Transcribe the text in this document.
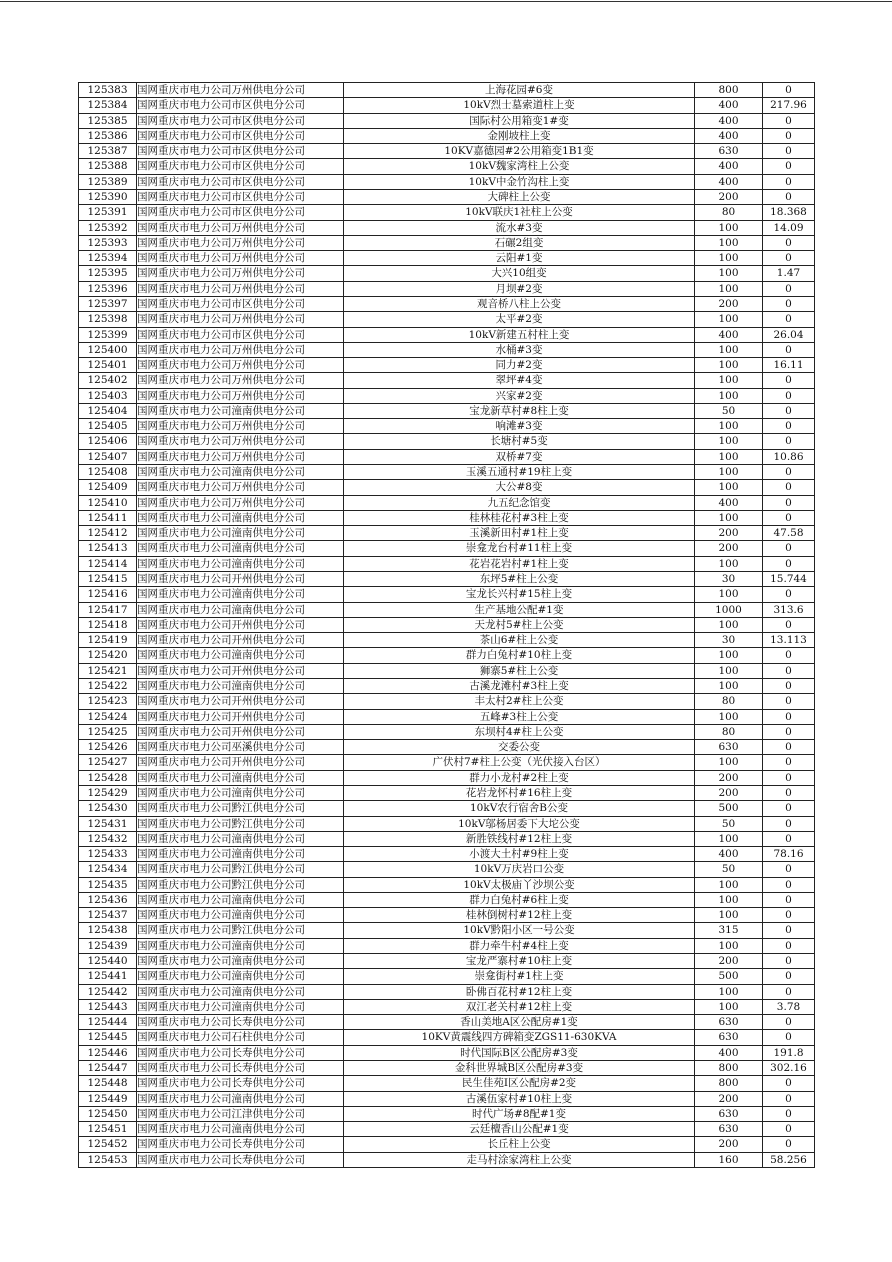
125383	国网重庆市电力公司万州供电分公司	上海花园#6变	800	0
125384	国网重庆市电力公司市区供电分公司	10kV烈士墓索道柱上变	400	217.96
125385	国网重庆市电力公司市区供电分公司	国际村公用箱变1#变	400	0
125386	国网重庆市电力公司市区供电分公司	金刚坡柱上变	400	0
125387	国网重庆市电力公司市区供电分公司	10KV嘉德园#2公用箱变1B1变	630	0
125388	国网重庆市电力公司市区供电分公司	10kV魏家湾柱上公变	400	0
125389	国网重庆市电力公司市区供电分公司	10kV中金竹沟柱上变	400	0
125390	国网重庆市电力公司市区供电分公司	大碑柱上公变	200	0
125391	国网重庆市电力公司市区供电分公司	10kV联庆1社柱上公变	80	18.368
125392	国网重庆市电力公司万州供电分公司	流水#3变	100	14.09
125393	国网重庆市电力公司万州供电分公司	石碾2组变	100	0
125394	国网重庆市电力公司万州供电分公司	云阳#1变	100	0
125395	国网重庆市电力公司万州供电分公司	大兴10组变	100	1.47
125396	国网重庆市电力公司万州供电分公司	月坝#2变	100	0
125397	国网重庆市电力公司市区供电分公司	观音桥八柱上公变	200	0
125398	国网重庆市电力公司万州供电分公司	太平#2变	100	0
125399	国网重庆市电力公司市区供电分公司	10kV新建五村柱上变	400	26.04
125400	国网重庆市电力公司万州供电分公司	水桶#3变	100	0
125401	国网重庆市电力公司万州供电分公司	同力#2变	100	16.11
125402	国网重庆市电力公司万州供电分公司	翠坪#4变	100	0
125403	国网重庆市电力公司万州供电分公司	兴家#2变	100	0
125404	国网重庆市电力公司潼南供电分公司	宝龙新草村#8柱上变	50	0
125405	国网重庆市电力公司万州供电分公司	响滩#3变	100	0
125406	国网重庆市电力公司万州供电分公司	长塘村#5变	100	0
125407	国网重庆市电力公司万州供电分公司	双桥#7变	100	10.86
125408	国网重庆市电力公司潼南供电分公司	玉溪五通村#19柱上变	100	0
125409	国网重庆市电力公司万州供电分公司	大公#8变	100	0
125410	国网重庆市电力公司万州供电分公司	九五纪念馆变	400	0
125411	国网重庆市电力公司潼南供电分公司	桂林桂花村#3柱上变	100	0
125412	国网重庆市电力公司潼南供电分公司	玉溪新田村#1柱上变	200	47.58
125413	国网重庆市电力公司潼南供电分公司	崇龛龙台村#11柱上变	200	0
125414	国网重庆市电力公司潼南供电分公司	花岩花岩村#1柱上变	100	0
125415	国网重庆市电力公司开州供电分公司	东坪5#柱上公变	30	15.744
125416	国网重庆市电力公司潼南供电分公司	宝龙长兴村#15柱上变	100	0
125417	国网重庆市电力公司潼南供电分公司	生产基地公配#1变	1000	313.6
125418	国网重庆市电力公司开州供电分公司	天龙村5#柱上公变	100	0
125419	国网重庆市电力公司开州供电分公司	茶山6#柱上公变	30	13.113
125420	国网重庆市电力公司潼南供电分公司	群力白兔村#10柱上变	100	0
125421	国网重庆市电力公司开州供电分公司	狮寨5#柱上公变	100	0
125422	国网重庆市电力公司潼南供电分公司	古溪龙滩村#3柱上变	100	0
125423	国网重庆市电力公司开州供电分公司	丰太村2#柱上公变	80	0
125424	国网重庆市电力公司开州供电分公司	五峰#3柱上公变	100	0
125425	国网重庆市电力公司开州供电分公司	东坝村4#柱上公变	80	0
125426	国网重庆市电力公司巫溪供电分公司	交委公变	630	0
125427	国网重庆市电力公司开州供电分公司	广伏村7#柱上公变（光伏接入台区）	100	0
125428	国网重庆市电力公司潼南供电分公司	群力小龙村#2柱上变	200	0
125429	国网重庆市电力公司潼南供电分公司	花岩龙怀村#16柱上变	200	0
125430	国网重庆市电力公司黔江供电分公司	10kV农行宿舍B公变	500	0
125431	国网重庆市电力公司黔江供电分公司	10kV邬杨居委下大坨公变	50	0
125432	国网重庆市电力公司潼南供电分公司	新胜铁线村#12柱上变	100	0
125433	国网重庆市电力公司潼南供电分公司	小渡大土村#9柱上变	400	78.16
125434	国网重庆市电力公司黔江供电分公司	10kV万庆岩口公变	50	0
125435	国网重庆市电力公司黔江供电分公司	10kV太极庙丫沙坝公变	100	0
125436	国网重庆市电力公司潼南供电分公司	群力白兔村#6柱上变	100	0
125437	国网重庆市电力公司潼南供电分公司	桂林倒树村#12柱上变	100	0
125438	国网重庆市电力公司黔江供电分公司	10kV黔阳小区一号公变	315	0
125439	国网重庆市电力公司潼南供电分公司	群力牵牛村#4柱上变	100	0
125440	国网重庆市电力公司潼南供电分公司	宝龙严寨村#10柱上变	200	0
125441	国网重庆市电力公司潼南供电分公司	崇龛街村#1柱上变	500	0
125442	国网重庆市电力公司潼南供电分公司	卧佛百花村#12柱上变	100	0
125443	国网重庆市电力公司潼南供电分公司	双江老关村#12柱上变	100	3.78
125444	国网重庆市电力公司长寿供电分公司	香山美地A区公配房#1变	630	0
125445	国网重庆市电力公司石柱供电分公司	10KV黄震线四方碑箱变ZGS11-630KVA	630	0
125446	国网重庆市电力公司长寿供电分公司	时代国际B区公配房#3变	400	191.8
125447	国网重庆市电力公司长寿供电分公司	金科世界城B区公配房#3变	800	302.16
125448	国网重庆市电力公司长寿供电分公司	民生佳苑I区公配房#2变	800	0
125449	国网重庆市电力公司潼南供电分公司	古溪伍家村#10柱上变	200	0
125450	国网重庆市电力公司江津供电分公司	时代广场#8配#1变	630	0
125451	国网重庆市电力公司潼南供电分公司	云廷檀香山公配#1变	630	0
125452	国网重庆市电力公司长寿供电分公司	长丘柱上公变	200	0
125453	国网重庆市电力公司长寿供电分公司	走马村涂家湾柱上公变	160	58.256
